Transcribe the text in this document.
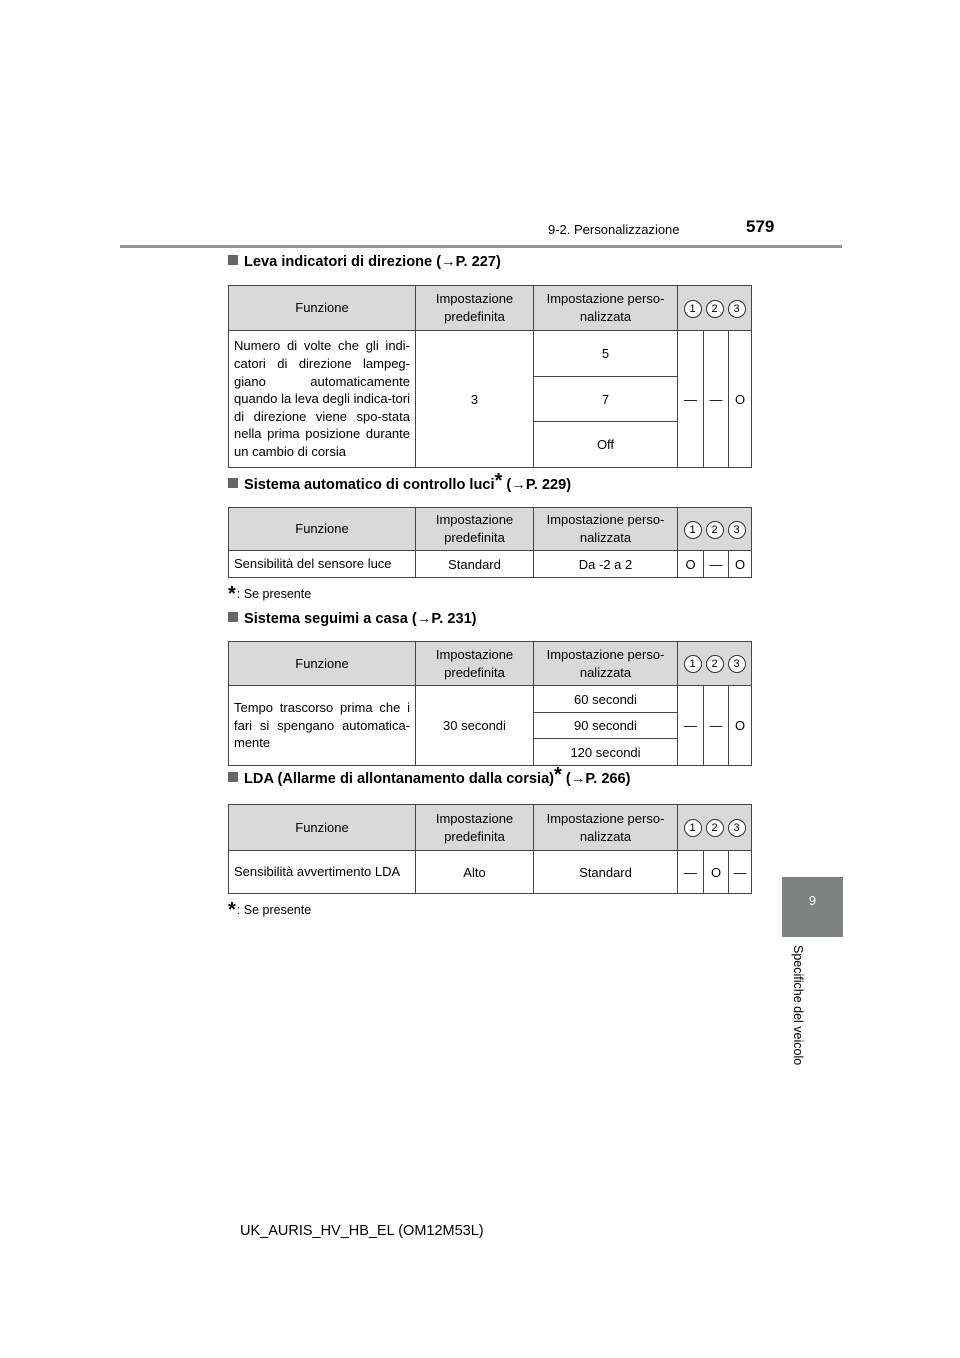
9-2. Personalizzazione	579
9
Specifiche del veicolo
Leva indicatori di direzione (→P. 227)
Funzione	Impostazione predefinita	Impostazione perso-nalizzata	1 2 3		
Numero di volte che gli indi-catori di direzione lampeg-giano automaticamente quando la leva degli indica-tori di direzione viene spo-stata nella prima posizione durante un cambio di corsia	3	5	—	—	O
		7			
		Off			
Sistema automatico di controllo luci* (→P. 229)
Funzione	Impostazione predefinita	Impostazione perso-nalizzata	1 2 3		
Sensibilità del sensore luce	Standard	Da -2 a 2	O	—	O
*: Se presente
Sistema seguimi a casa (→P. 231)
Funzione	Impostazione predefinita	Impostazione perso-nalizzata	1 2 3		
Tempo trascorso prima che i fari si spengano automatica-mente	30 secondi	60 secondi	—	—	O
		90 secondi			
		120 secondi			
LDA (Allarme di allontanamento dalla corsia)* (→P. 266)
Funzione	Impostazione predefinita	Impostazione perso-nalizzata	1 2 3		
Sensibilità avvertimento LDA	Alto	Standard	—	O	—
*: Se presente
UK_AURIS_HV_HB_EL (OM12M53L)
